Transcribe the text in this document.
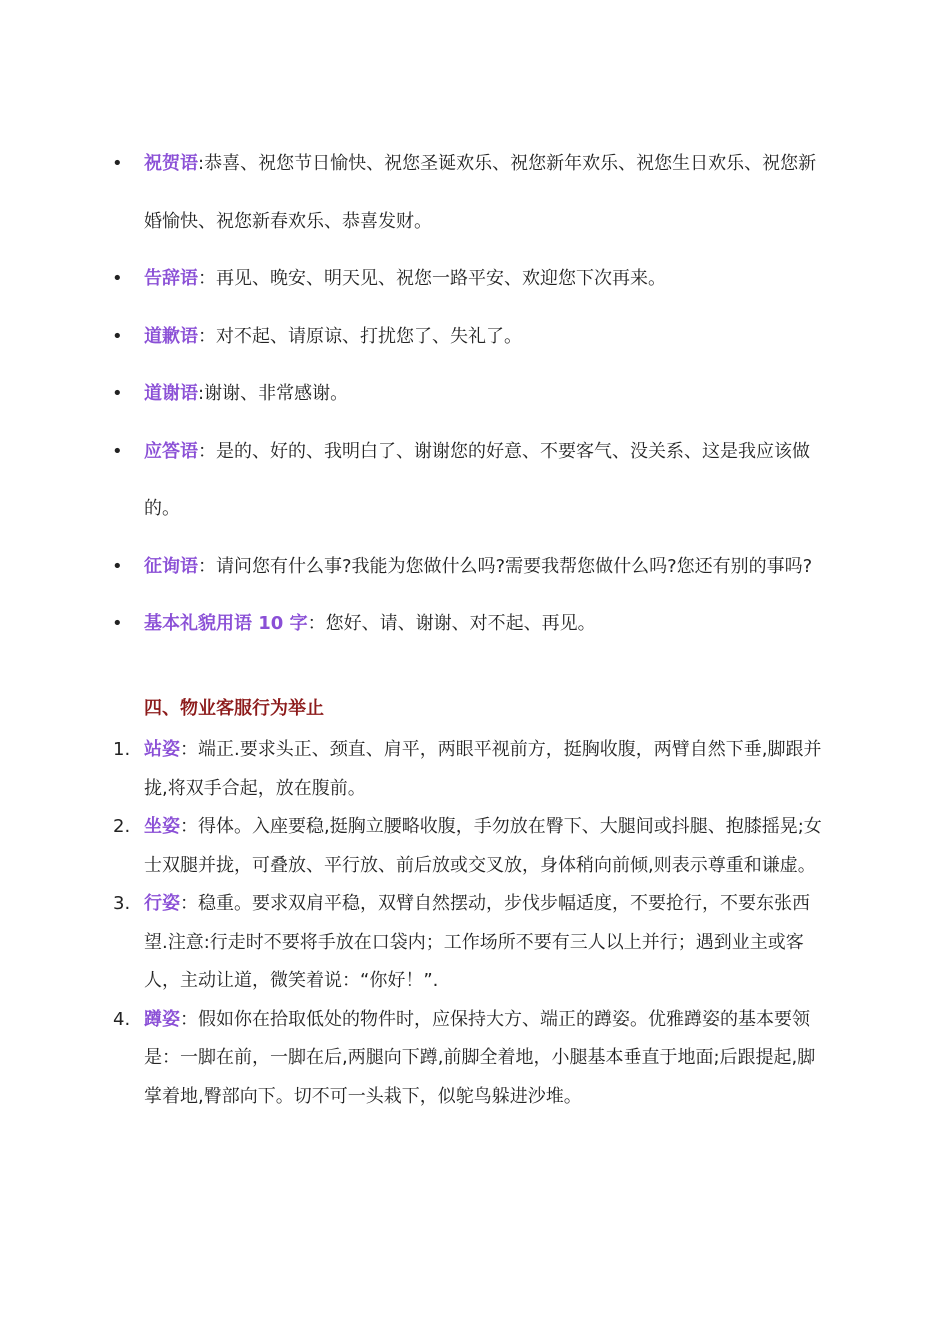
• 祝贺语:恭喜、祝您节日愉快、祝您圣诞欢乐、祝您新年欢乐、祝您生日欢乐、祝您新婚愉快、祝您新春欢乐、恭喜发财。
• 告辞语：再见、晚安、明天见、祝您一路平安、欢迎您下次再来。
• 道歉语：对不起、请原谅、打扰您了、失礼了。
• 道谢语:谢谢、非常感谢。
• 应答语：是的、好的、我明白了、谢谢您的好意、不要客气、没关系、这是我应该做的。
• 征询语：请问您有什么事?我能为您做什么吗?需要我帮您做什么吗?您还有别的事吗?
• 基本礼貌用语 10 字：您好、请、谢谢、对不起、再见。
四、物业客服行为举止
1. 站姿：端正.要求头正、颈直、肩平，两眼平视前方，挺胸收腹，两臂自然下垂,脚跟并拢,将双手合起，放在腹前。
2. 坐姿：得体。入座要稳,挺胸立腰略收腹，手勿放在臀下、大腿间或抖腿、抱膝摇晃;女士双腿并拢，可叠放、平行放、前后放或交叉放，身体稍向前倾,则表示尊重和谦虚。
3. 行姿：稳重。要求双肩平稳，双臂自然摆动，步伐步幅适度，不要抢行，不要东张西望.注意:行走时不要将手放在口袋内；工作场所不要有三人以上并行；遇到业主或客人，主动让道，微笑着说：“你好！”.
4. 蹲姿：假如你在拾取低处的物件时，应保持大方、端正的蹲姿。优雅蹲姿的基本要领是：一脚在前，一脚在后,两腿向下蹲,前脚全着地，小腿基本垂直于地面;后跟提起,脚掌着地,臀部向下。切不可一头栽下，似鸵鸟躲进沙堆。
